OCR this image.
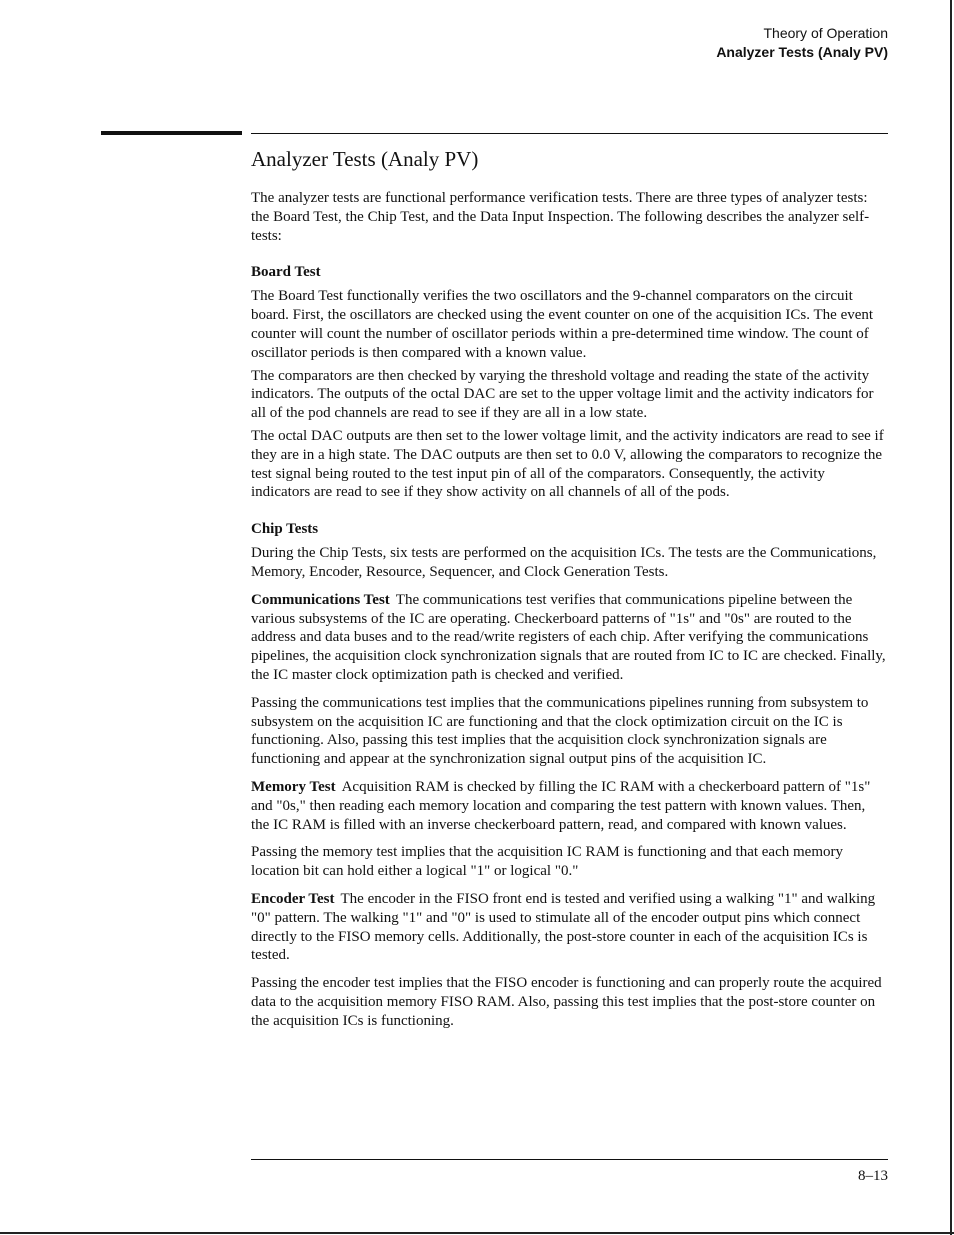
Theory of Operation
Analyzer Tests (Analy PV)
Analyzer Tests (Analy PV)

The analyzer tests are functional performance verification tests. There are three types of analyzer tests: the Board Test, the Chip Test, and the Data Input Inspection. The following describes the analyzer self-tests:

Board Test

The Board Test functionally verifies the two oscillators and the 9-channel comparators on the circuit board. First, the oscillators are checked using the event counter on one of the acquisition ICs. The event counter will count the number of oscillator periods within a pre-determined time window. The count of oscillator periods is then compared with a known value.

The comparators are then checked by varying the threshold voltage and reading the state of the activity indicators. The outputs of the octal DAC are set to the upper voltage limit and the activity indicators for all of the pod channels are read to see if they are all in a low state.

The octal DAC outputs are then set to the lower voltage limit, and the activity indicators are read to see if they are in a high state. The DAC outputs are then set to 0.0 V, allowing the comparators to recognize the test signal being routed to the test input pin of all of the comparators. Consequently, the activity indicators are read to see if they show activity on all channels of all of the pods.

Chip Tests

During the Chip Tests, six tests are performed on the acquisition ICs. The tests are the Communications, Memory, Encoder, Resource, Sequencer, and Clock Generation Tests.

Communications Test The communications test verifies that communications pipeline between the various subsystems of the IC are operating. Checkerboard patterns of "1s" and "0s" are routed to the address and data buses and to the read/write registers of each chip. After verifying the communications pipelines, the acquisition clock synchronization signals that are routed from IC to IC are checked. Finally, the IC master clock optimization path is checked and verified.

Passing the communications test implies that the communications pipelines running from subsystem to subsystem on the acquisition IC are functioning and that the clock optimization circuit on the IC is functioning. Also, passing this test implies that the acquisition clock synchronization signals are functioning and appear at the synchronization signal output pins of the acquisition IC.

Memory Test Acquisition RAM is checked by filling the IC RAM with a checkerboard pattern of "1s" and "0s," then reading each memory location and comparing the test pattern with known values. Then, the IC RAM is filled with an inverse checkerboard pattern, read, and compared with known values.

Passing the memory test implies that the acquisition IC RAM is functioning and that each memory location bit can hold either a logical "1" or logical "0."

Encoder Test The encoder in the FISO front end is tested and verified using a walking "1" and walking "0" pattern. The walking "1" and "0" is used to stimulate all of the encoder output pins which connect directly to the FISO memory cells. Additionally, the post-store counter in each of the acquisition ICs is tested.

Passing the encoder test implies that the FISO encoder is functioning and can properly route the acquired data to the acquisition memory FISO RAM. Also, passing this test implies that the post-store counter on the acquisition ICs is functioning.

8–13
